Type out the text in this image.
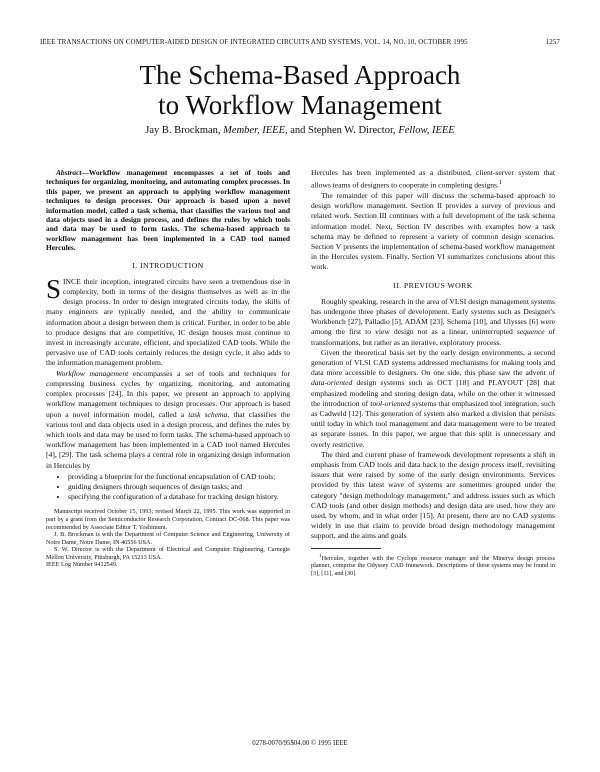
IEEE TRANSACTIONS ON COMPUTER-AIDED DESIGN OF INTEGRATED CIRCUITS AND SYSTEMS, VOL. 14, NO. 10, OCTOBER 1995	1257
The Schema-Based Approach
to Workflow Management
Jay B. Brockman, Member, IEEE, and Stephen W. Director, Fellow, IEEE

Abstract—Workflow management encompasses a set of tools and techniques for organizing, monitoring, and automating complex processes. In this paper, we present an approach to applying workflow management techniques to design processes. Our approach is based upon a novel information model, called a task schema, that classifies the various tool and data objects used in a design process, and defines the rules by which tools and data may be used to form tasks. The schema-based approach to workflow management has been implemented in a CAD tool named Hercules.

I. INTRODUCTION

SINCE their inception, integrated circuits have seen a tremendous rise in complexity, both in terms of the designs themselves as well as in the design process. In order to design integrated circuits today, the skills of many engineers are typically needed, and the ability to communicate information about a design between them is critical. Further, in order to be able to produce designs that are competitive, IC design houses must continue to invest in increasingly accurate, efficient, and specialized CAD tools. While the pervasive use of CAD tools certainly reduces the design cycle, it also adds to the information management problem.

Workflow management encompasses a set of tools and techniques for compressing business cycles by organizing, monitoring, and automating complex processes [24]. In this paper, we present an approach to applying workflow management techniques to design processes. Our approach is based upon a novel information model, called a task schema, that classifies the various tool and data objects used in a design process, and defines the rules by which tools and data may be used to form tasks. The schema-based approach to workflow management has been implemented in a CAD tool named Hercules [4], [29]. The task schema plays a central role in organizing design information in Hercules by

• providing a blueprint for the functional encapsulation of CAD tools;
• guiding designers through sequences of design tasks; and
• specifying the configuration of a database for tracking design history.

Manuscript received October 15, 1993; revised March 22, 1995. This work was supported in part by a grant from the Semiconductor Research Corporation, Contract DC-068. This paper was recommended by Associate Editor T. Yoshimura.

J. B. Brockman is with the Department of Computer Science and Engineering, University of Notre Dame, Notre Dame, IN 46556 USA.

S. W. Director is with the Department of Electrical and Computer Engineering, Carnegie Mellon University, Pittsburgh, PA 15213 USA.

IEEE Log Number 9412549.

Hercules has been implemented as a distributed, client-server system that allows teams of designers to cooperate in completing designs.$^1$

The remainder of this paper will discuss the schema-based approach to design workflow management. Section II provides a survey of previous and related work. Section III continues with a full development of the task schema information model. Next, Section IV describes with examples how a task schema may be defined to represent a variety of common design scenarios. Section V presents the implementation of schema-based workflow management in the Hercules system. Finally, Section VI summarizes conclusions about this work.

II. PREVIOUS WORK

Roughly speaking, research in the area of VLSI design management systems has undergone three phases of development. Early systems such as Designer's Workbench [27], Palladio [5], ADAM [23], Schema [10], and Ulysses [6] were among the first to view design not as a linear, uninterrupted sequence of transformations, but rather as an iterative, exploratory process.

Given the theoretical basis set by the early design environments, a second generation of VLSI CAD systems addressed mechanisms for making tools and data more accessible to designers. On one side, this phase saw the advent of data-oriented design systems such as OCT [18] and PLAYOUT [28] that emphasized modeling and storing design data, while on the other it witnessed the introduction of tool-oriented systems that emphasized tool integration, such as Cadweld [12]. This generation of system also marked a division that persists until today in which tool management and data management were to be treated as separate issues. In this paper, we argue that this split is unnecessary and overly restrictive.

The third and current phase of framework development represents a shift in emphasis from CAD tools and data back to the design process itself, revisiting issues that were raised by some of the early design environments. Services provided by this latest wave of systems are sometimes grouped under the category "design methodology management," and address issues such as which CAD tools (and other design methods) and design data are used, how they are used, by whom, and in what order [15]. At present, there are no CAD systems widely in use that claim to provide broad design methodology management support, and the aims and goals

$^1$Hercules, together with the Cyclops resource manager and the Minerva design process planner, comprise the Odyssey CAD framework. Descriptions of these systems may be found in [3], [11], and [30].

0278-0070/95$04.00 © 1995 IEEE
